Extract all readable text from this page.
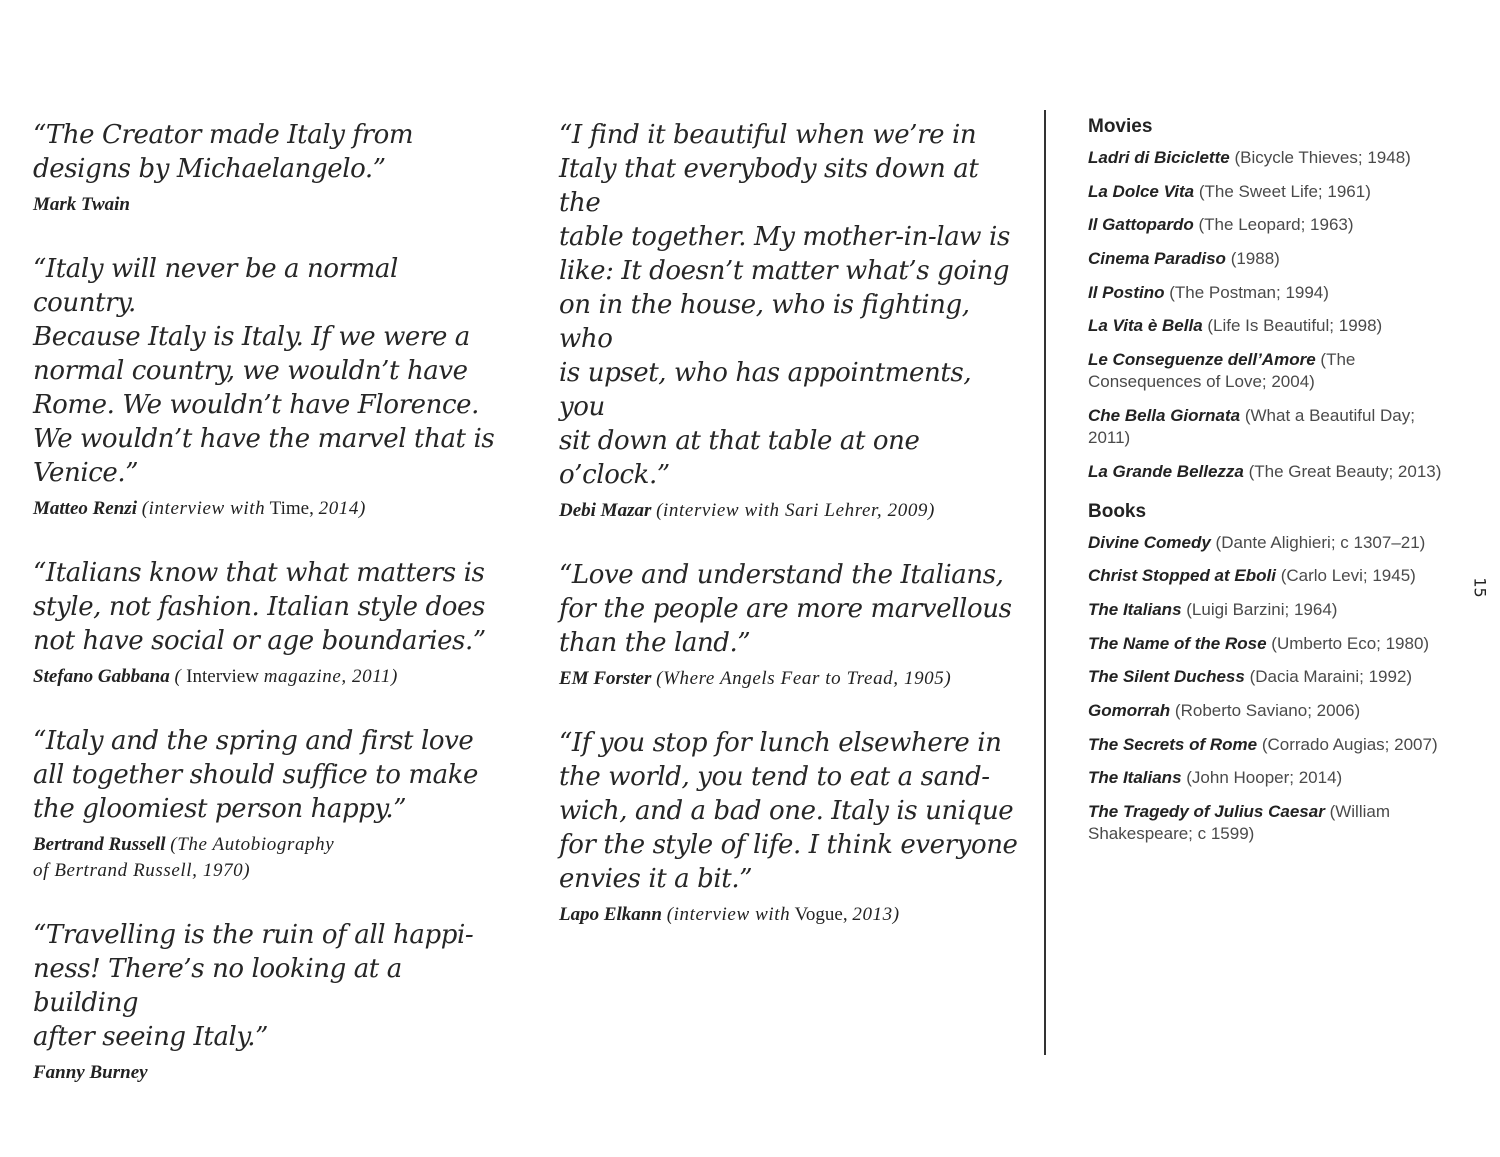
“The Creator made Italy from
designs by Michaelangelo.”
Mark Twain
“Italy will never be a normal country.
Because Italy is Italy. If we were a
normal country, we wouldn’t have
Rome. We wouldn’t have Florence.
We wouldn’t have the marvel that is
Venice.”
Matteo Renzi (interview with Time, 2014)
“Italians know that what matters is
style, not fashion. Italian style does
not have social or age boundaries.”
Stefano Gabbana ( Interview magazine, 2011)
“Italy and the spring and first love
all together should suffice to make
the gloomiest person happy.”
Bertrand Russell (The Autobiography
of Bertrand Russell, 1970)
“Travelling is the ruin of all happi-
ness! There’s no looking at a building
after seeing Italy.”
Fanny Burney
“I find it beautiful when we’re in
Italy that everybody sits down at the
table together. My mother-in-law is
like: It doesn’t matter what’s going
on in the house, who is fighting, who
is upset, who has appointments, you
sit down at that table at one o’clock.”
Debi Mazar (interview with Sari Lehrer, 2009)
“Love and understand the Italians,
for the people are more marvellous
than the land.”
EM Forster (Where Angels Fear to Tread, 1905)
“If you stop for lunch elsewhere in
the world, you tend to eat a sand-
wich, and a bad one. Italy is unique
for the style of life. I think everyone
envies it a bit.”
Lapo Elkann (interview with Vogue, 2013)
Movies
Ladri di Biciclette (Bicycle Thieves; 1948)
La Dolce Vita (The Sweet Life; 1961)
Il Gattopardo (The Leopard; 1963)
Cinema Paradiso (1988)
Il Postino (The Postman; 1994)
La Vita è Bella (Life Is Beautiful; 1998)
Le Conseguenze dell’Amore (The Consequences of Love; 2004)
Che Bella Giornata (What a Beautiful Day; 2011)
La Grande Bellezza (The Great Beauty; 2013)
Books
Divine Comedy (Dante Alighieri; c 1307–21)
Christ Stopped at Eboli (Carlo Levi; 1945)
The Italians (Luigi Barzini; 1964)
The Name of the Rose (Umberto Eco; 1980)
The Silent Duchess (Dacia Maraini; 1992)
Gomorrah (Roberto Saviano; 2006)
The Secrets of Rome (Corrado Augias; 2007)
The Italians (John Hooper; 2014)
The Tragedy of Julius Caesar (William Shakespeare; c 1599)
15
